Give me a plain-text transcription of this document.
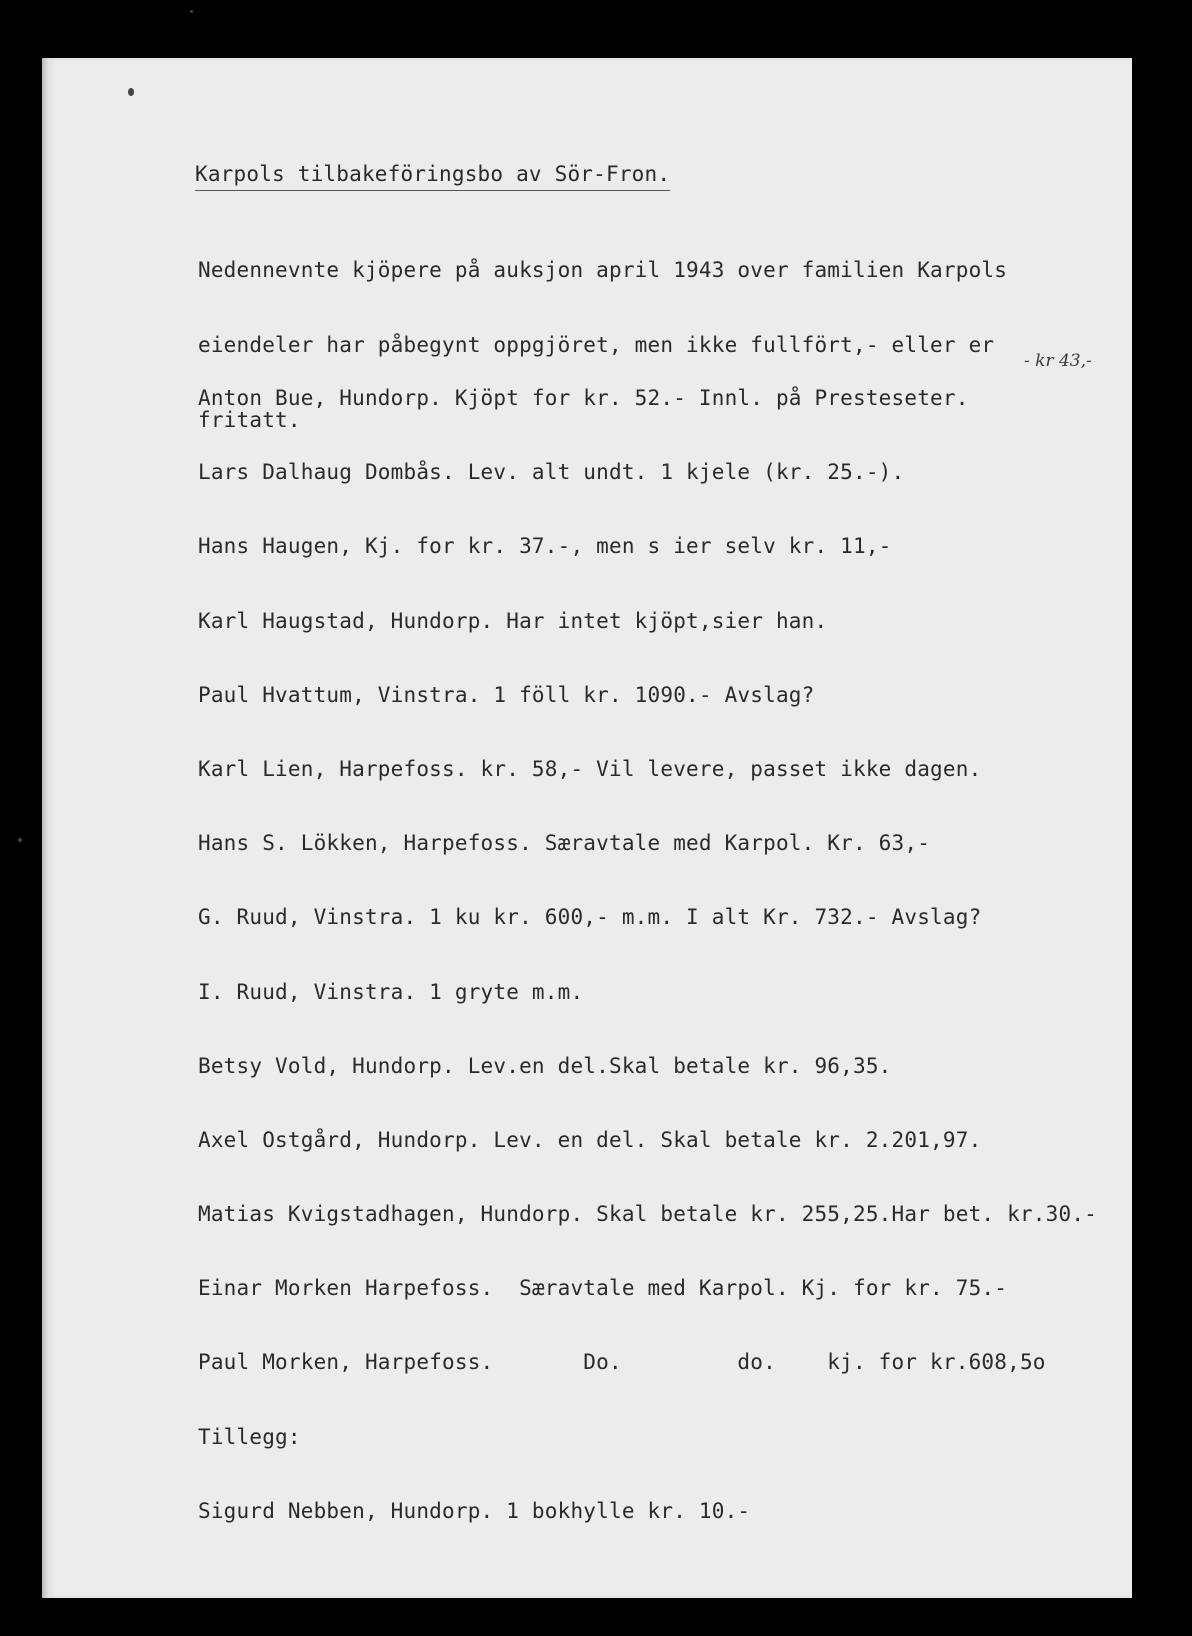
Karpols tilbakeföringsbo av Sör-Fron.

Nedennevnte kjöpere på auksjon april 1943 over familien Karpols

eiendeler har påbegynt oppgjöret, men ikke fullfört,- eller er

fritatt.

Anton Bue, Hundorp. Kjöpt for kr. 52.- Innl. på Presteseter.

Lars Dalhaug Dombås. Lev. alt undt. 1 kjele (kr. 25.-).

Hans Haugen, Kj. for kr. 37.-, men s ier selv kr. 11,-

Karl Haugstad, Hundorp. Har intet kjöpt,sier han.

Paul Hvattum, Vinstra. 1 föll kr. 1090.- Avslag?

Karl Lien, Harpefoss. kr. 58,- Vil levere, passet ikke dagen.

Hans S. Lökken, Harpefoss. Særavtale med Karpol. Kr. 63,-

G. Ruud, Vinstra. 1 ku kr. 600,- m.m. I alt Kr. 732.- Avslag?

I. Ruud, Vinstra. 1 gryte m.m.

Betsy Vold, Hundorp. Lev.en del.Skal betale kr. 96,35.

Axel Ostgård, Hundorp. Lev. en del. Skal betale kr. 2.201,97.

Matias Kvigstadhagen, Hundorp. Skal betale kr. 255,25.Har bet. kr.30.-

Einar Morken Harpefoss.  Særavtale med Karpol. Kj. for kr. 75.-

Paul Morken, Harpefoss.       Do.         do.    kj. for kr.608,5o

Tillegg:

Sigurd Nebben, Hundorp. 1 bokhylle kr. 10.-

- kr 43,-
